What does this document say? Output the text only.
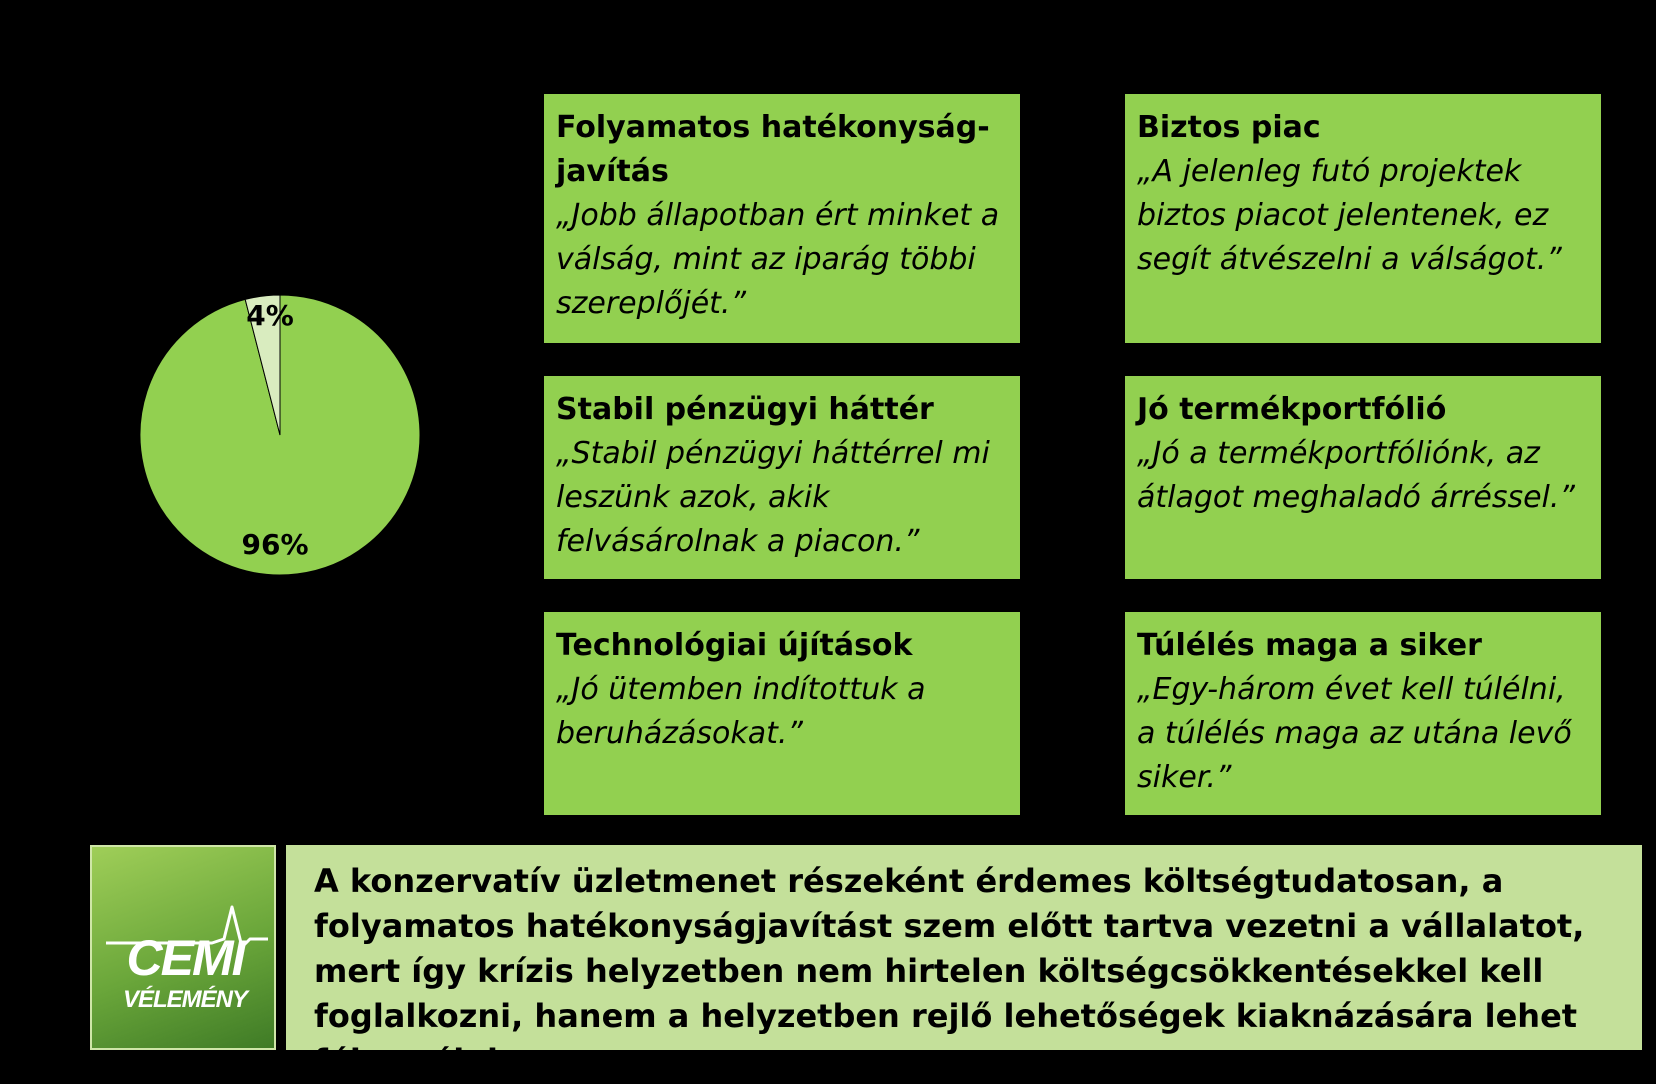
96%
4%
Folyamatos hatékonyság-javítás
„Jobb állapotban ért minket a válság, mint az iparág többi szereplőjét.”
Biztos piac
„A jelenleg futó projektek biztos piacot jelentenek, ez segít átvészelni a válságot.”
Stabil pénzügyi háttér
„Stabil pénzügyi háttérrel mi leszünk azok, akik felvásárolnak a piacon.”
Jó termékportfólió
„Jó a termékportfóliónk, az átlagot meghaladó árréssel.”
Technológiai újítások
„Jó ütemben indítottuk a beruházásokat.”
Túlélés maga a siker
„Egy-három évet kell túlélni, a túlélés maga az utána levő siker.”
CEMI
VÉLEMÉNY

A konzervatív üzletmenet részeként érdemes költségtudatosan, a folyamatos hatékonyságjavítást szem előtt tartva vezetni a vállalatot, mert így krízis helyzetben nem hirtelen költségcsökkentésekkel kell foglalkozni, hanem a helyzetben rejlő lehetőségek kiaknázására lehet fókuszálni
